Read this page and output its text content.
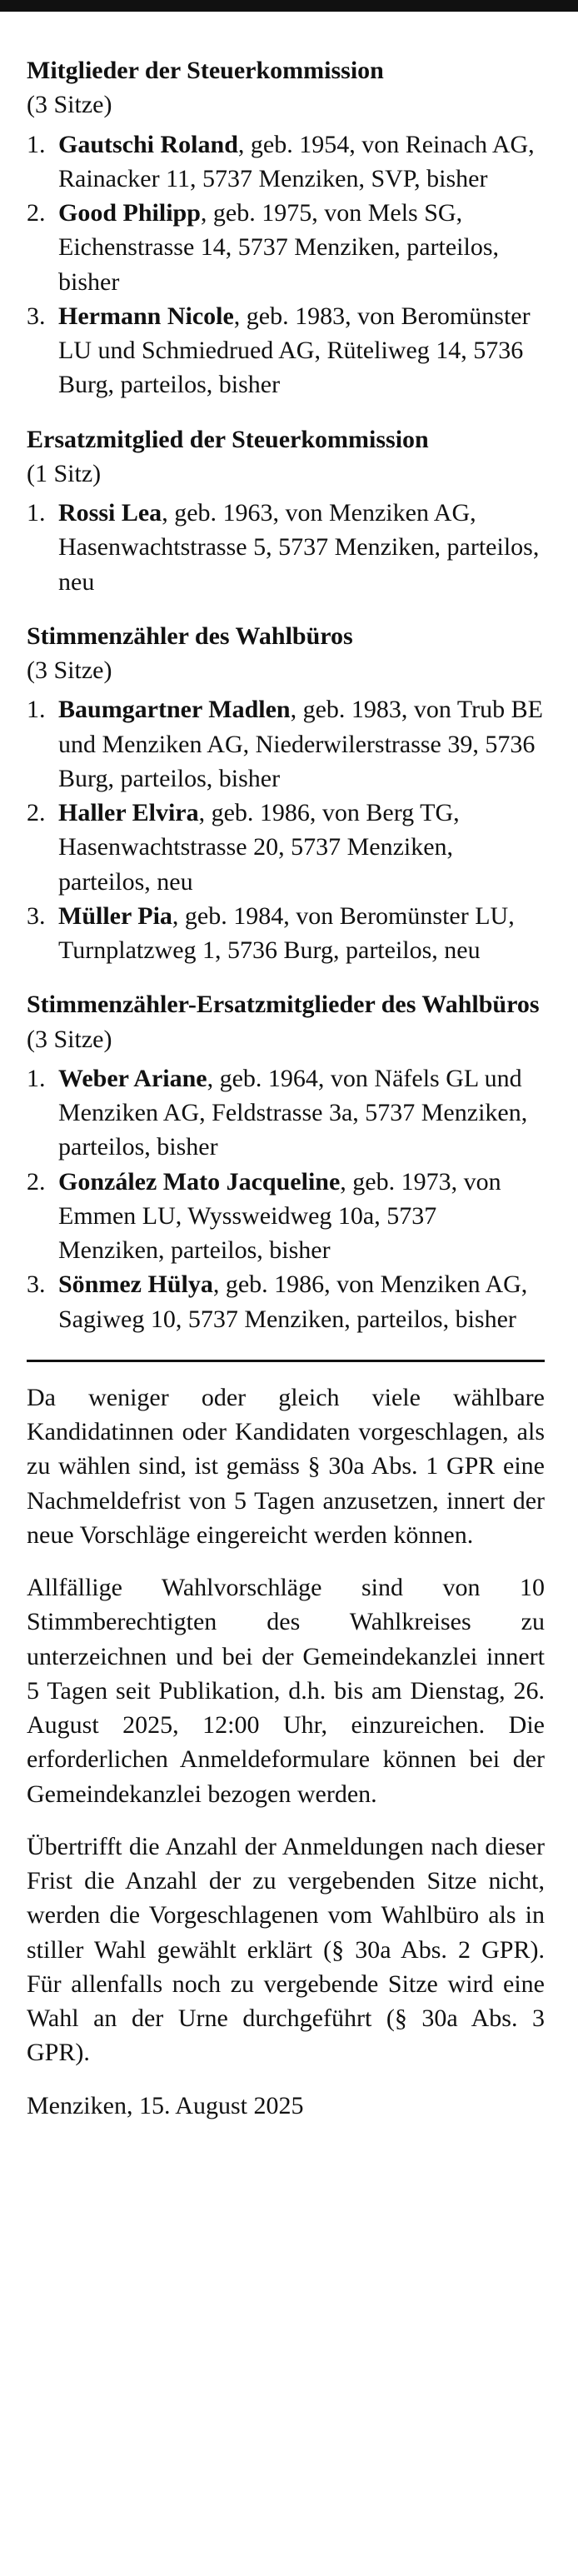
Mitglieder der Steuerkommission
(3 Sitze)
1. Gautschi Roland, geb. 1954, von Reinach AG, Rainacker 11, 5737 Menziken, SVP, bisher
2. Good Philipp, geb. 1975, von Mels SG, Eichenstrasse 14, 5737 Menziken, parteilos, bisher
3. Hermann Nicole, geb. 1983, von Beromünster LU und Schmiedrued AG, Rüteliweg 14, 5736 Burg, parteilos, bisher
Ersatzmitglied der Steuerkommission
(1 Sitz)
1. Rossi Lea, geb. 1963, von Menziken AG, Hasenwachtstrasse 5, 5737 Menziken, parteilos, neu
Stimmenzähler des Wahlbüros
(3 Sitze)
1. Baumgartner Madlen, geb. 1983, von Trub BE und Menziken AG, Niederwilerstrasse 39, 5736 Burg, parteilos, bisher
2. Haller Elvira, geb. 1986, von Berg TG, Hasenwachtstrasse 20, 5737 Menziken, parteilos, neu
3. Müller Pia, geb. 1984, von Beromünster LU, Turnplatzweg 1, 5736 Burg, parteilos, neu
Stimmenzähler-Ersatzmitglieder des Wahlbüros
(3 Sitze)
1. Weber Ariane, geb. 1964, von Näfels GL und Menziken AG, Feldstrasse 3a, 5737 Menziken, parteilos, bisher
2. González Mato Jacqueline, geb. 1973, von Emmen LU, Wyssweidweg 10a, 5737 Menziken, parteilos, bisher
3. Sönmez Hülya, geb. 1986, von Menziken AG, Sagiweg 10, 5737 Menziken, parteilos, bisher

Da weniger oder gleich viele wählbare Kandidatinnen oder Kandidaten vorgeschlagen, als zu wählen sind, ist gemäss § 30a Abs. 1 GPR eine Nachmeldefrist von 5 Tagen anzusetzen, innert der neue Vorschläge eingereicht werden können.

Allfällige Wahlvorschläge sind von 10 Stimmberechtigten des Wahlkreises zu unterzeichnen und bei der Gemeindekanzlei innert 5 Tagen seit Publikation, d.h. bis am Dienstag, 26. August 2025, 12:00 Uhr, einzureichen. Die erforderlichen Anmeldeformulare können bei der Gemeindekanzlei bezogen werden.

Übertrifft die Anzahl der Anmeldungen nach dieser Frist die Anzahl der zu vergebenden Sitze nicht, werden die Vorgeschlagenen vom Wahlbüro als in stiller Wahl gewählt erklärt (§ 30a Abs. 2 GPR). Für allenfalls noch zu vergebende Sitze wird eine Wahl an der Urne durchgeführt (§ 30a Abs. 3 GPR).

Menziken, 15. August 2025
